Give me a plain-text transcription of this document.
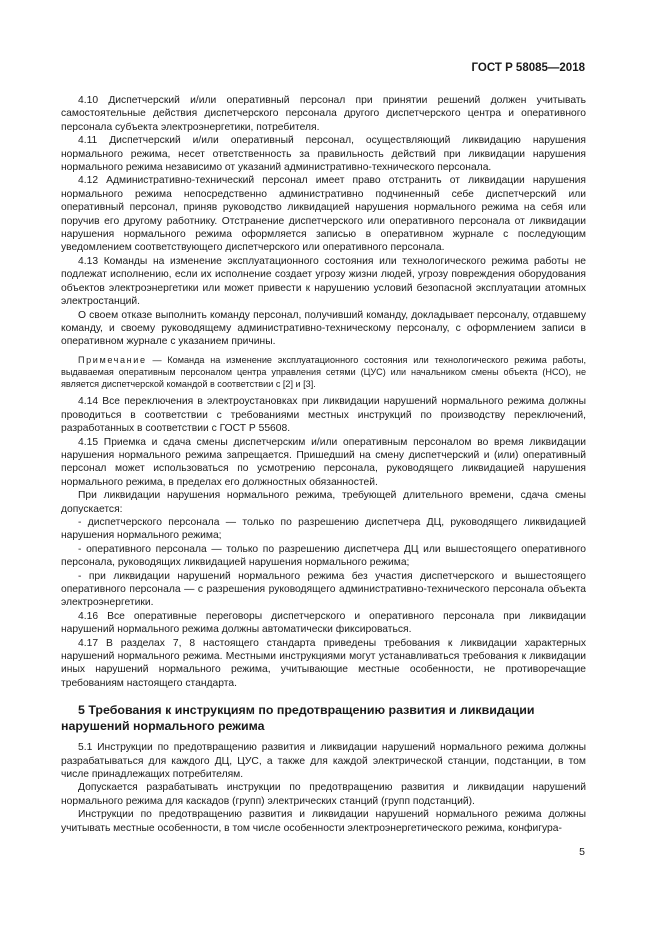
ГОСТ Р 58085—2018

4.10 Диспетчерский и/или оперативный персонал при принятии решений должен учитывать самостоятельные действия диспетчерского персонала другого диспетчерского центра и оперативного персонала субъекта электроэнергетики, потребителя.

4.11 Диспетчерский и/или оперативный персонал, осуществляющий ликвидацию нарушения нормального режима, несет ответственность за правильность действий при ликвидации нарушения нормального режима независимо от указаний административно-технического персонала.

4.12 Административно-технический персонал имеет право отстранить от ликвидации нарушения нормального режима непосредственно административно подчиненный себе диспетчерский или оперативный персонал, приняв руководство ликвидацией нарушения нормального режима на себя или поручив его другому работнику. Отстранение диспетчерского или оперативного персонала от ликвидации нарушения нормального режима оформляется записью в оперативном журнале с последующим уведомлением соответствующего диспетчерского или оперативного персонала.

4.13 Команды на изменение эксплуатационного состояния или технологического режима работы не подлежат исполнению, если их исполнение создает угрозу жизни людей, угрозу повреждения оборудования объектов электроэнергетики или может привести к нарушению условий безопасной эксплуатации атомных электростанций.

О своем отказе выполнить команду персонал, получивший команду, докладывает персоналу, отдавшему команду, и своему руководящему административно-техническому персоналу, с оформлением записи в оперативном журнале с указанием причины.

Примечание — Команда на изменение эксплуатационного состояния или технологического режима работы, выдаваемая оперативным персоналом центра управления сетями (ЦУС) или начальником смены объекта (НСО), не является диспетчерской командой в соответствии с [2] и [3].

4.14 Все переключения в электроустановках при ликвидации нарушений нормального режима должны проводиться в соответствии с требованиями местных инструкций по производству переключений, разработанных в соответствии с ГОСТ Р 55608.

4.15 Приемка и сдача смены диспетчерским и/или оперативным персоналом во время ликвидации нарушения нормального режима запрещается. Пришедший на смену диспетчерский и (или) оперативный персонал может использоваться по усмотрению персонала, руководящего ликвидацией нарушения нормального режима, в пределах его должностных обязанностей.

При ликвидации нарушения нормального режима, требующей длительного времени, сдача смены допускается:

- диспетчерского персонала — только по разрешению диспетчера ДЦ, руководящего ликвидацией нарушения нормального режима;

- оперативного персонала — только по разрешению диспетчера ДЦ или вышестоящего оперативного персонала, руководящих ликвидацией нарушения нормального режима;

- при ликвидации нарушений нормального режима без участия диспетчерского и вышестоящего оперативного персонала — с разрешения руководящего административно-технического персонала объекта электроэнергетики.

4.16 Все оперативные переговоры диспетчерского и оперативного персонала при ликвидации нарушений нормального режима должны автоматически фиксироваться.

4.17 В разделах 7, 8 настоящего стандарта приведены требования к ликвидации характерных нарушений нормального режима. Местными инструкциями могут устанавливаться требования к ликвидации иных нарушений нормального режима, учитывающие местные особенности, не противоречащие требованиям настоящего стандарта.

5 Требования к инструкциям по предотвращению развития и ликвидации нарушений нормального режима

5.1 Инструкции по предотвращению развития и ликвидации нарушений нормального режима должны разрабатываться для каждого ДЦ, ЦУС, а также для каждой электрической станции, подстанции, в том числе принадлежащих потребителям.

Допускается разрабатывать инструкции по предотвращению развития и ликвидации нарушений нормального режима для каскадов (групп) электрических станций (групп подстанций).

Инструкции по предотвращению развития и ликвидации нарушений нормального режима должны учитывать местные особенности, в том числе особенности электроэнергетического режима, конфигура-

5
